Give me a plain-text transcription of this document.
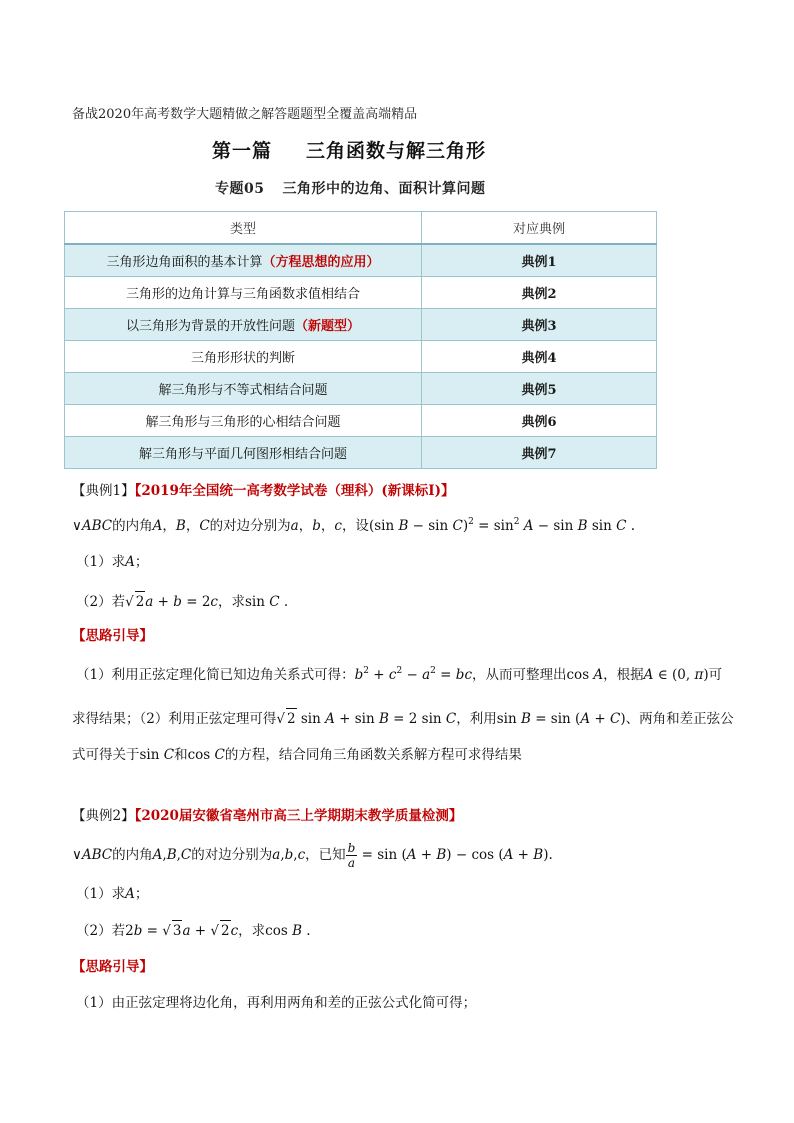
备战2020年高考数学大题精做之解答题题型全覆盖高端精品
第一篇 三角函数与解三角形
专题05 三角形中的边角、面积计算问题
类型	对应典例
三角形边角面积的基本计算（方程思想的应用）	典例1
三角形的边角计算与三角函数求值相结合	典例2
以三角形为背景的开放性问题（新题型）	典例3
三角形形状的判断	典例4
解三角形与不等式相结合问题	典例5
解三角形与三角形的心相结合问题	典例6
解三角形与平面几何图形相结合问题	典例7
【典例1】【2019年全国统一高考数学试卷（理科）(新课标Ⅰ)】
∨ABC的内角A，B，C的对边分别为a，b，c，设(sin $B - \sin C)^2 = \sin^2 A - \sin B$ sin C .
（1）求A；
（2）若√ 2a + b = 2c，求sin C .
【思路引导】
（1）利用正弦定理化简已知边角关系式可得：$b^2 + c^2 - a^2$ = bc，从而可整理出cos A，根据A ∈ (0, π)可
求得结果；（2）利用正弦定理可得√ 2 sin A + sin B = 2 sin C，利用sin B = sin (A + C)、两角和差正弦公
式可得关于sin C和cos C的方程，结合同角三角函数关系解方程可求得结果
【典例2】【2020届安徽省亳州市高三上学期期末教学质量检测】
∨ABC的内角A,B,C的对边分别为a,b,c，已知 $\frac{b}{a} = \sin (A + B) - \cos (A + B)$.
（1）求A；
（2）若2b = √ 3a + √ 2c，求cos B .
【思路引导】
（1）由正弦定理将边化角，再利用两角和差的正弦公式化简可得；
